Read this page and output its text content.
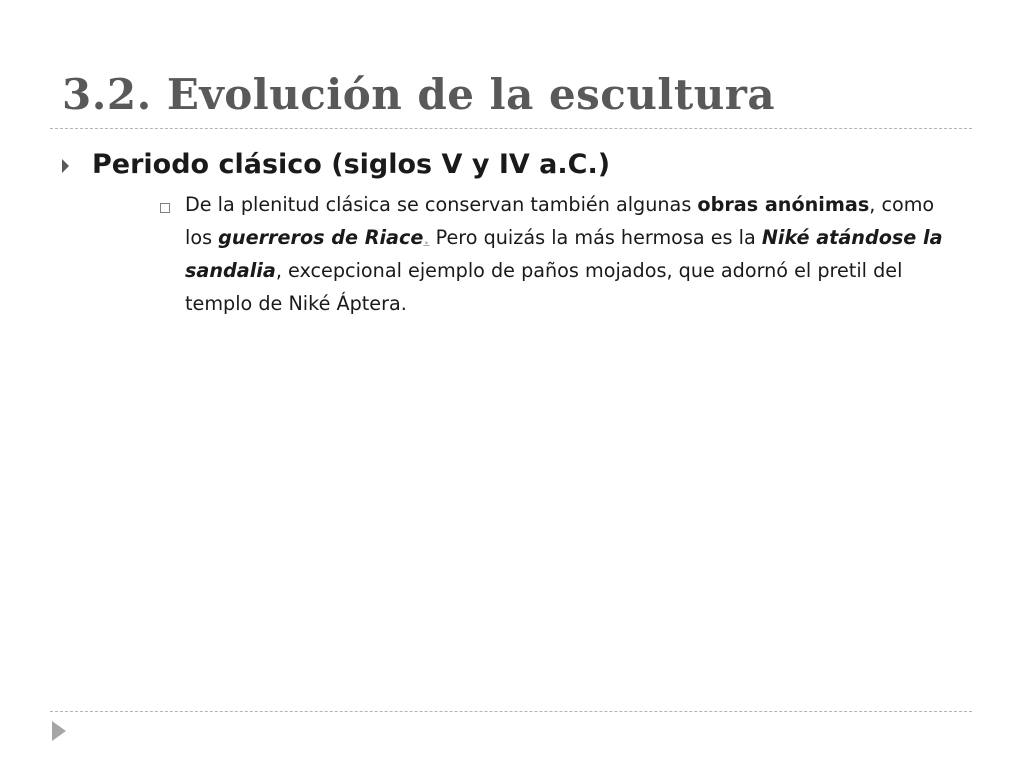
3.2. Evolución de la escultura
Periodo clásico (siglos V y IV a.C.)

De la plenitud clásica se conservan también algunas obras anónimas, como los guerreros de Riace. Pero quizás la más hermosa es la Niké atándose la sandalia, excepcional ejemplo de paños mojados, que adornó el pretil del templo de Niké Áptera.
